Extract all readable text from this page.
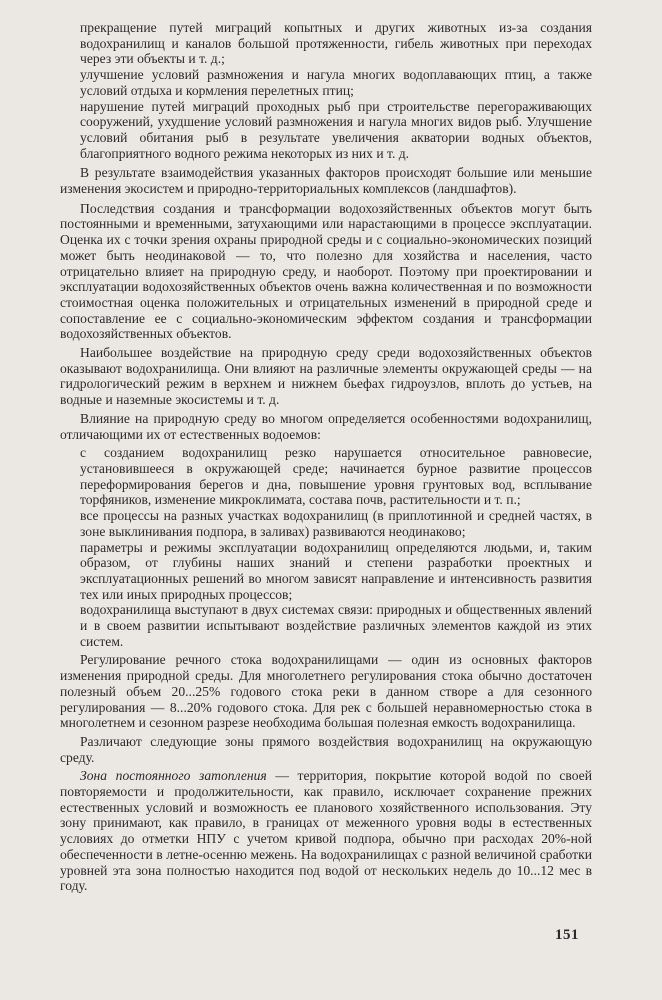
прекращение путей миграций копытных и других животных из-за создания водохранилищ и каналов большой протяженности, гибель животных при переходах через эти объекты и т. д.;

улучшение условий размножения и нагула многих водоплавающих птиц, а также условий отдыха и кормления перелетных птиц;

нарушение путей миграций проходных рыб при строительстве перегораживающих сооружений, ухудшение условий размножения и нагула многих видов рыб. Улучшение условий обитания рыб в результате увеличения акватории водных объектов, благоприятного водного режима некоторых из них и т. д.

В результате взаимодействия указанных факторов происходят большие или меньшие изменения экосистем и природно-территориальных комплексов (ландшафтов).

Последствия создания и трансформации водохозяйственных объектов могут быть постоянными и временными, затухающими или нарастающими в процессе эксплуатации. Оценка их с точки зрения охраны природной среды и с социально-экономических позиций может быть неодинаковой — то, что полезно для хозяйства и населения, часто отрицательно влияет на природную среду, и наоборот. Поэтому при проектировании и эксплуатации водохозяйственных объектов очень важна количественная и по возможности стоимостная оценка положительных и отрицательных изменений в природной среде и сопоставление ее с социально-экономическим эффектом создания и трансформации водохозяйственных объектов.

Наибольшее воздействие на природную среду среди водохозяйственных объектов оказывают водохранилища. Они влияют на различные элементы окружающей среды — на гидрологический режим в верхнем и нижнем бьефах гидроузлов, вплоть до устьев, на водные и наземные экосистемы и т. д.

Влияние на природную среду во многом определяется особенностями водохранилищ, отличающими их от естественных водоемов:

с созданием водохранилищ резко нарушается относительное равновесие, установившееся в окружающей среде; начинается бурное развитие процессов переформирования берегов и дна, повышение уровня грунтовых вод, всплывание торфяников, изменение микроклимата, состава почв, растительности и т. п.;

все процессы на разных участках водохранилищ (в приплотинной и средней частях, в зоне выклинивания подпора, в заливах) развиваются неодинаково;

параметры и режимы эксплуатации водохранилищ определяются людьми, и, таким образом, от глубины наших знаний и степени разработки проектных и эксплуатационных решений во многом зависят направление и интенсивность развития тех или иных природных процессов;

водохранилища выступают в двух системах связи: природных и общественных явлений и в своем развитии испытывают воздействие различных элементов каждой из этих систем.

Регулирование речного стока водохранилищами — один из основных факторов изменения природной среды. Для многолетнего регулирования стока обычно достаточен полезный объем 20...25% годового стока реки в данном створе а для сезонного регулирования — 8...20% годового стока. Для рек с большей неравномерностью стока в многолетнем и сезонном разрезе необходима большая полезная емкость водохранилища.

Различают следующие зоны прямого воздействия водохранилищ на окружающую среду.

Зона постоянного затопления — территория, покрытие которой водой по своей повторяемости и продолжительности, как правило, исключает сохранение прежних естественных условий и возможность ее планового хозяйственного использования. Эту зону принимают, как правило, в границах от меженного уровня воды в естественных условиях до отметки НПУ с учетом кривой подпора, обычно при расходах 20%-ной обеспеченности в летне-осенню межень. На водохранилищах с разной величиной сработки уровней эта зона полностью находится под водой от нескольких недель до 10...12 мес в году.

151
